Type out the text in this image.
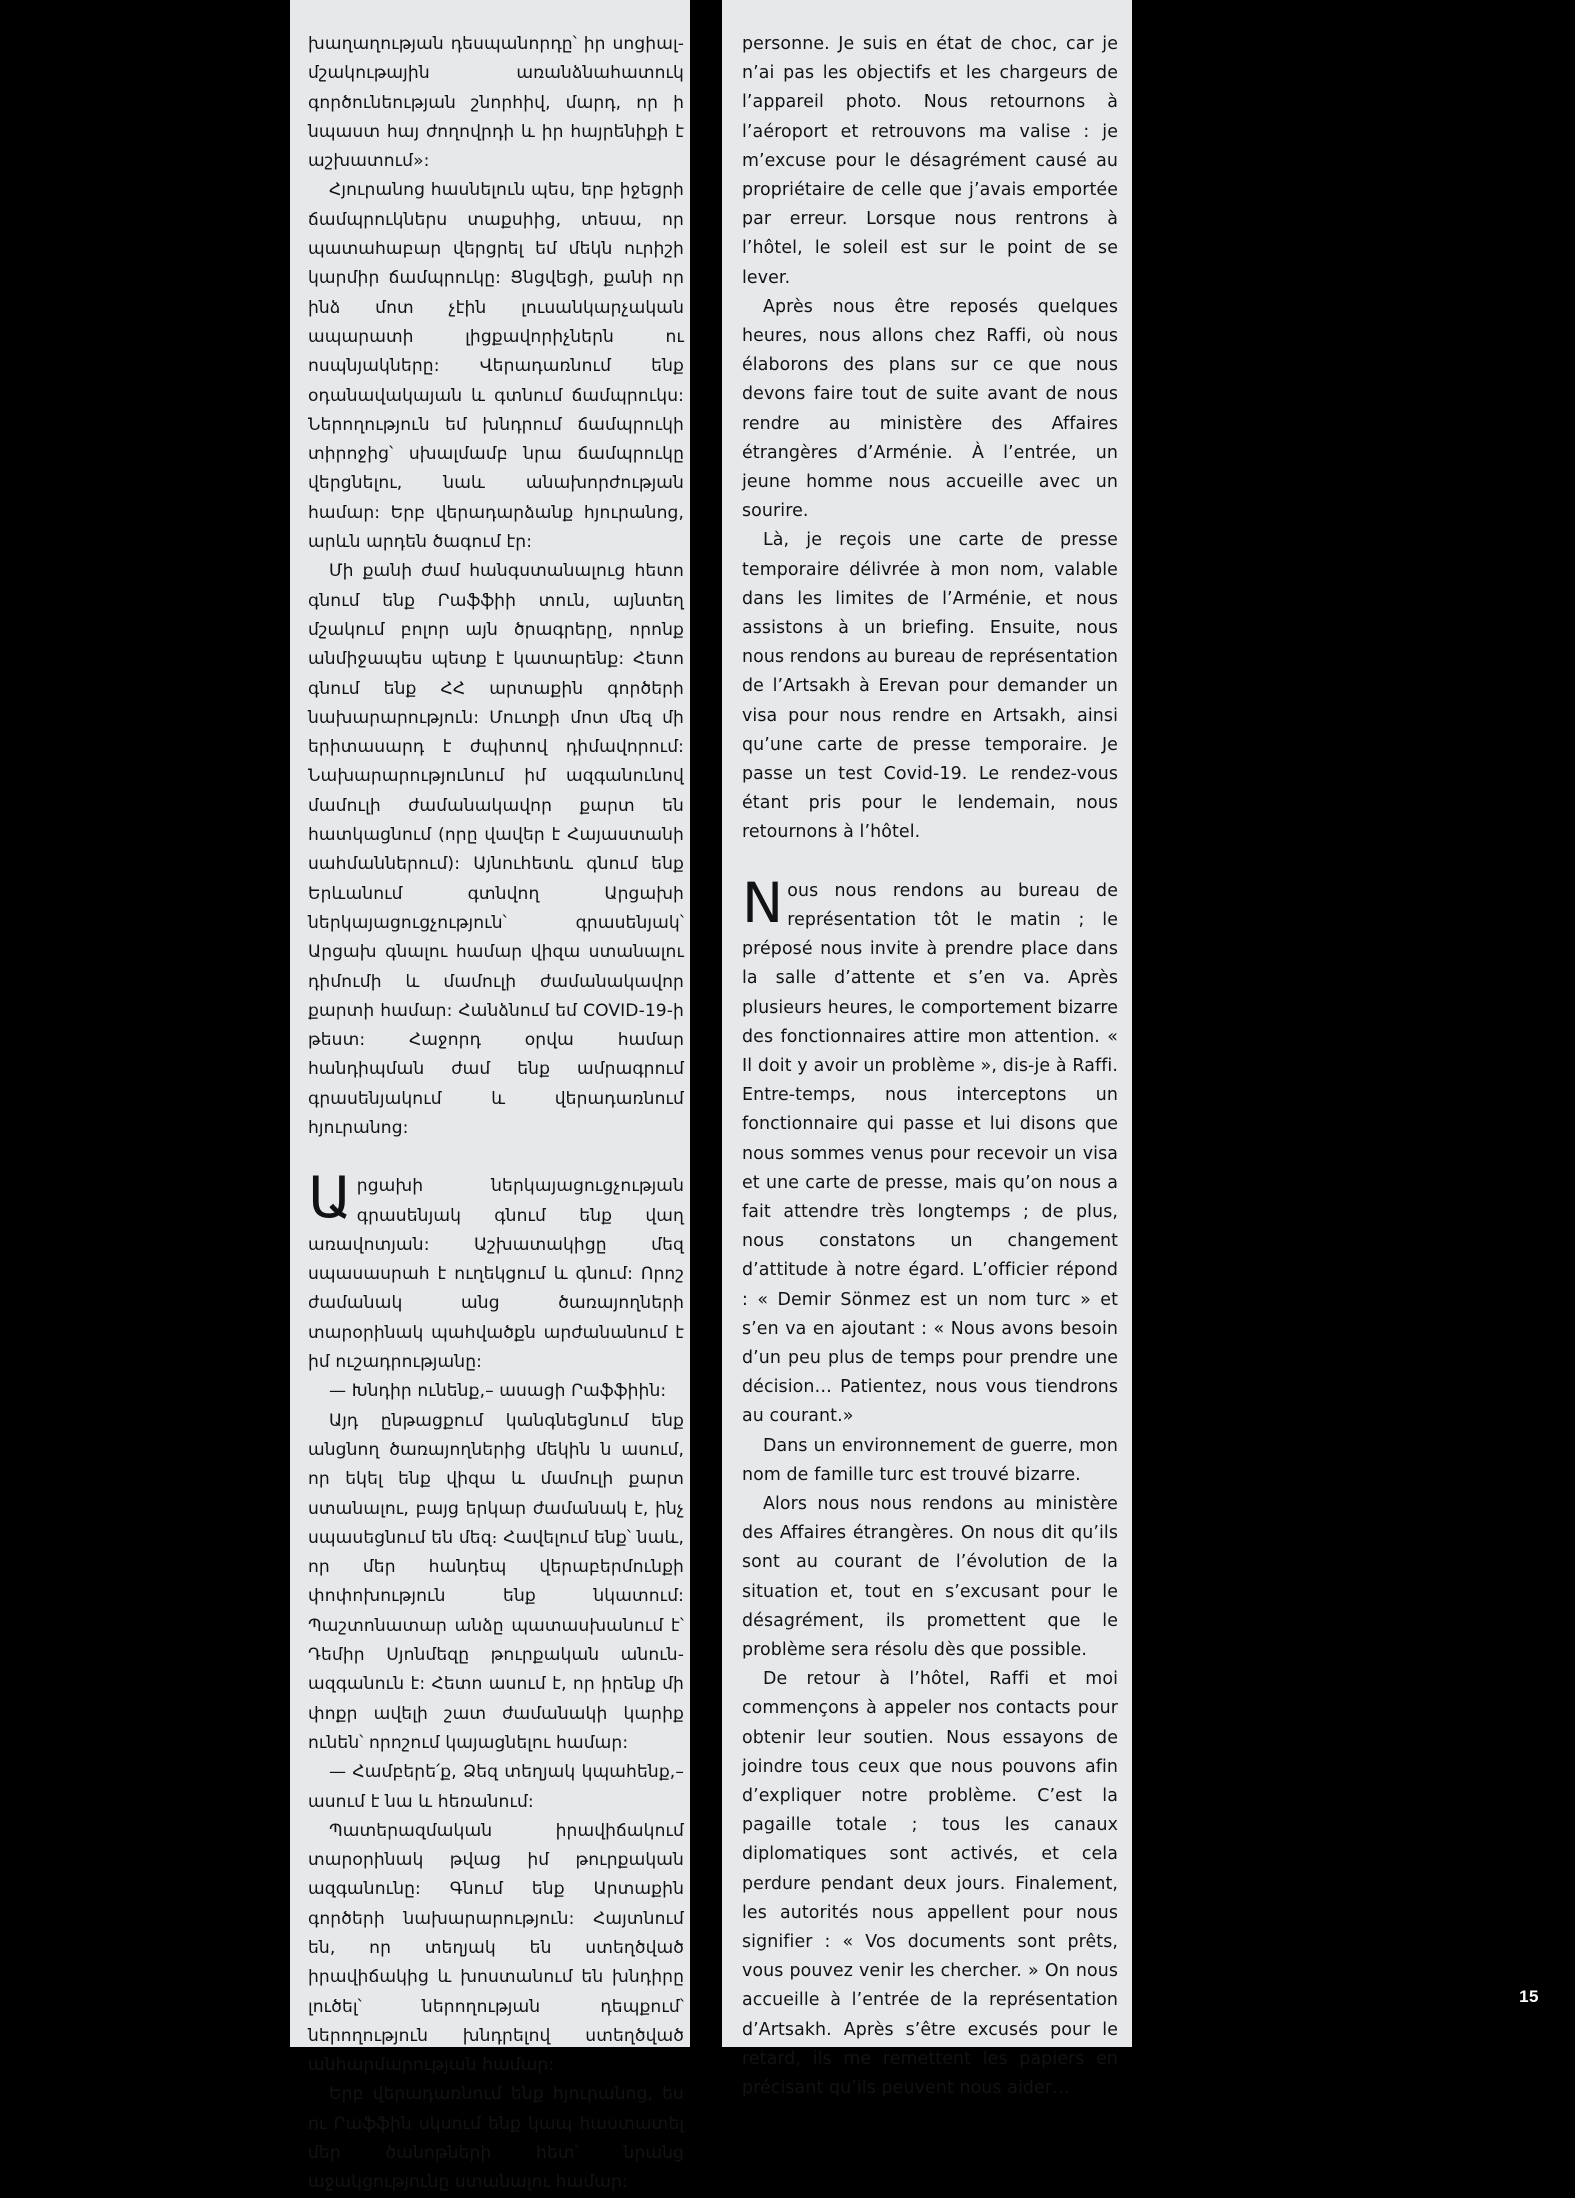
խաղաղության դեսպանորդը՝ իր սոցիալ-մշակութային առանձնահատուկ գործունեության շնորհիվ, մարդ, որ ի նպաստ հայ ժողովրդի և իր հայրենիքի է աշխատում»:

Հյուրանոց հասնելուն պես, երբ իջեցրի ճամպրուկներս տաքսիից, տեսա, որ պատահաբար վերցրել եմ մեկն ուրիշի կարմիր ճամպրուկը: Ցնցվեցի, քանի որ ինձ մոտ չէին լուսանկարչական ապարատի լիցքավորիչներն ու ոսպնյակները: Վերադառնում ենք օդանավակայան և գտնում ճամպրուկս: Ներողություն եմ խնդրում ճամպրուկի տիրոջից՝ սխալմամբ նրա ճամպրուկը վերցնելու, նաև անախորժության համար: Երբ վերադարձանք հյուրանոց, արևն արդեն ծագում էր:

Մի քանի ժամ հանգստանալուց հետո գնում ենք Րաֆֆիի տուն, այնտեղ մշակում բոլոր այն ծրագրերը, որոնք անմիջապես պետք է կատարենք: Հետո գնում ենք ՀՀ արտաքին գործերի նախարարություն: Մուտքի մոտ մեզ մի երիտասարդ է ժպիտով դիմավորում: Նախարարությունում իմ ազգանունով մամուլի ժամանակավոր քարտ են հատկացնում (որը վավեր է Հայաստանի սահմաններում): Այնուհետև գնում ենք Երևանում գտնվող Արցախի ներկայացուցչություն՝ գրասենյակ՝ Արցախ գնալու համար վիզա ստանալու դիմումի և մամուլի ժամանակավոր քարտի համար: Հանձնում եմ COVID-19-ի թեստ: Հաջորդ օրվա համար հանդիպման ժամ ենք ամրագրում գրասենյակում և վերադառնում հյուրանոց:

Արցախի ներկայացուցչության գրասենյակ գնում ենք վաղ առավոտյան: Աշխատակիցը մեզ սպասասրահ է ուղեկցում և գնում: Որոշ ժամանակ անց ծառայողների տարօրինակ պահվածքն արժանանում է իմ ուշադրությանը:

— Խնդիր ունենք,– ասացի Րաֆֆիին:

Այդ ընթացքում կանգնեցնում ենք անցնող ծառայողներից մեկին ն ասում, որ եկել ենք վիզա և մամուլի քարտ ստանալու, բայց երկար ժամանակ է, ինչ սպասեցնում են մեզ։ Հավելում ենք՝ նաև, որ մեր հանդեպ վերաբերմունքի փոփոխություն ենք նկատում: Պաշտոնատար անձը պատասխանում է՝ Դեմիր Սյոնմեզը թուրքական անուն-ազգանուն է: Հետո ասում է, որ իրենք մի փոքր ավելի շատ ժամանակի կարիք ունեն՝ որոշում կայացնելու համար:

— Համբերե՛ք, Ձեզ տեղյակ կպահենք,– ասում է նա և հեռանում:

Պատերազմական իրավիճակում տարօրինակ թվաց իմ թուրքական ազգանունը: Գնում ենք Արտաքին գործերի նախարարություն: Հայտնում են, որ տեղյակ են ստեղծված իրավիճակից և խոստանում են խնդիրը լուծել՝ ներողության դեպքում՝ ներողություն խնդրելով ստեղծված անհարմարության համար:

Երբ վերադառնում ենք հյուրանոց, ես ու Րաֆֆին սկսում ենք կապ հաստատել մեր ծանոթների հետ՝ նրանց աջակցությունը ստանալու համար:

personne. Je suis en état de choc, car je n’ai pas les objectifs et les chargeurs de l’appareil photo. Nous retournons à l’aéroport et retrouvons ma valise : je m’excuse pour le désagrément causé au propriétaire de celle que j’avais emportée par erreur. Lorsque nous rentrons à l’hôtel, le soleil est sur le point de se lever.

Après nous être reposés quelques heures, nous allons chez Raffi, où nous élaborons des plans sur ce que nous devons faire tout de suite avant de nous rendre au ministère des Affaires étrangères d’Arménie. À l’entrée, un jeune homme nous accueille avec un sourire.

Là, je reçois une carte de presse temporaire délivrée à mon nom, valable dans les limites de l’Arménie, et nous assistons à un briefing. Ensuite, nous nous rendons au bureau de représentation de l’Artsakh à Erevan pour demander un visa pour nous rendre en Artsakh, ainsi qu’une carte de presse temporaire. Je passe un test Covid-19. Le rendez-vous étant pris pour le lendemain, nous retournons à l’hôtel.

Nous nous rendons au bureau de représentation tôt le matin ; le préposé nous invite à prendre place dans la salle d’attente et s’en va. Après plusieurs heures, le comportement bizarre des fonctionnaires attire mon attention. « Il doit y avoir un problème », dis-je à Raffi. Entre-temps, nous interceptons un fonctionnaire qui passe et lui disons que nous sommes venus pour recevoir un visa et une carte de presse, mais qu’on nous a fait attendre très longtemps ; de plus, nous constatons un changement d’attitude à notre égard. L’officier répond : « Demir Sönmez est un nom turc » et s’en va en ajoutant : « Nous avons besoin d’un peu plus de temps pour prendre une décision… Patientez, nous vous tiendrons au courant.»

Dans un environnement de guerre, mon nom de famille turc est trouvé bizarre.

Alors nous nous rendons au ministère des Affaires étrangères. On nous dit qu’ils sont au courant de l’évolution de la situation et, tout en s’excusant pour le désagrément, ils promettent que le problème sera résolu dès que possible.

De retour à l’hôtel, Raffi et moi commençons à appeler nos contacts pour obtenir leur soutien. Nous essayons de joindre tous ceux que nous pouvons afin d’expliquer notre problème. C’est la pagaille totale ; tous les canaux diplomatiques sont activés, et cela perdure pendant deux jours. Finalement, les autorités nous appellent pour nous signifier : « Vos documents sont prêts, vous pouvez venir les chercher. » On nous accueille à l’entrée de la représentation d’Artsakh. Après s’être excusés pour le retard, ils me remettent les papiers en précisant qu’ils peuvent nous aider…

15
